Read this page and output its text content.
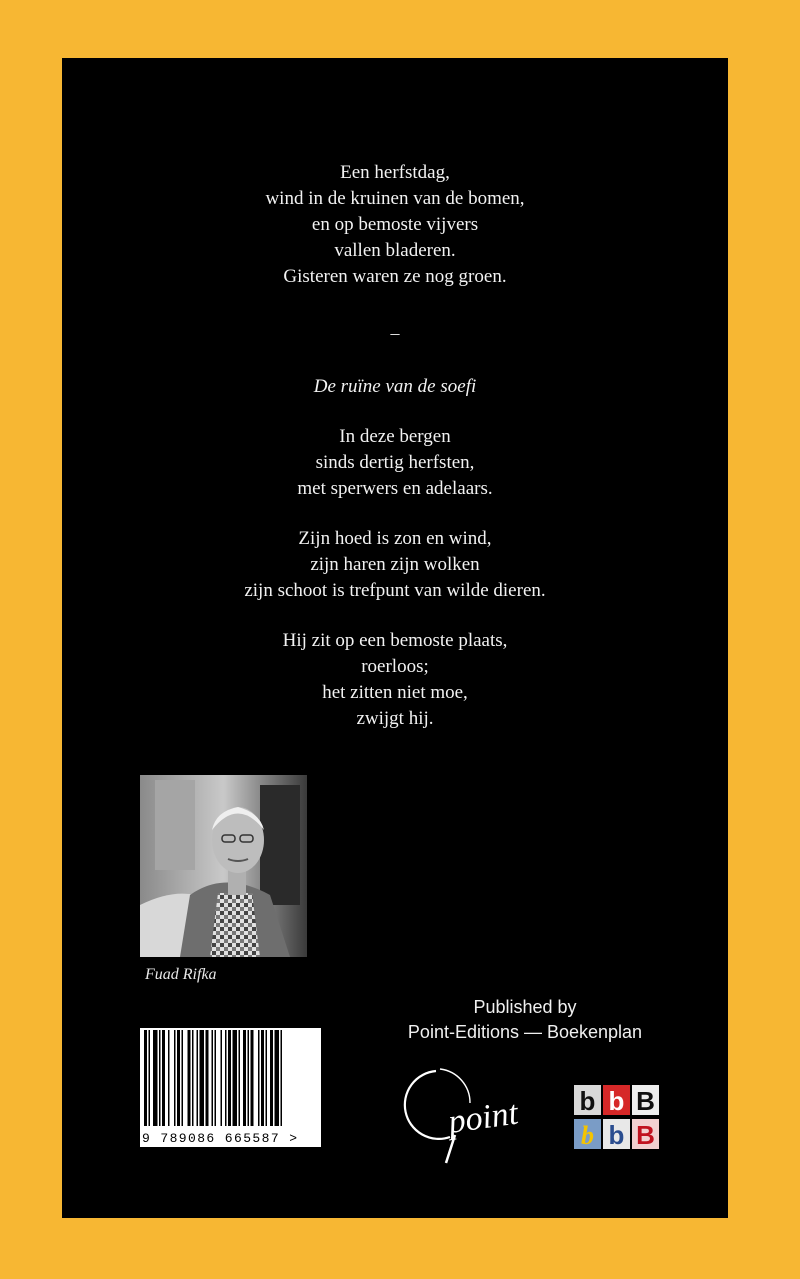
Een herfstdag,
wind in de kruinen van de bomen,
en op bemoste vijvers
vallen bladeren.
Gisteren waren ze nog groen.
–
De ruïne van de soefi
In deze bergen
sinds dertig herfsten,
met sperwers en adelaars.
Zijn hoed is zon en wind,
zijn haren zijn wolken
zijn schoot is trefpunt van wilde dieren.
Hij zit op een bemoste plaats,
roerloos;
het zitten niet moe,
zwijgt hij.
Fuad Rifka
9 789086 665587 >
Published by
Point-Editions — Boekenplan
point b b B
b b B
